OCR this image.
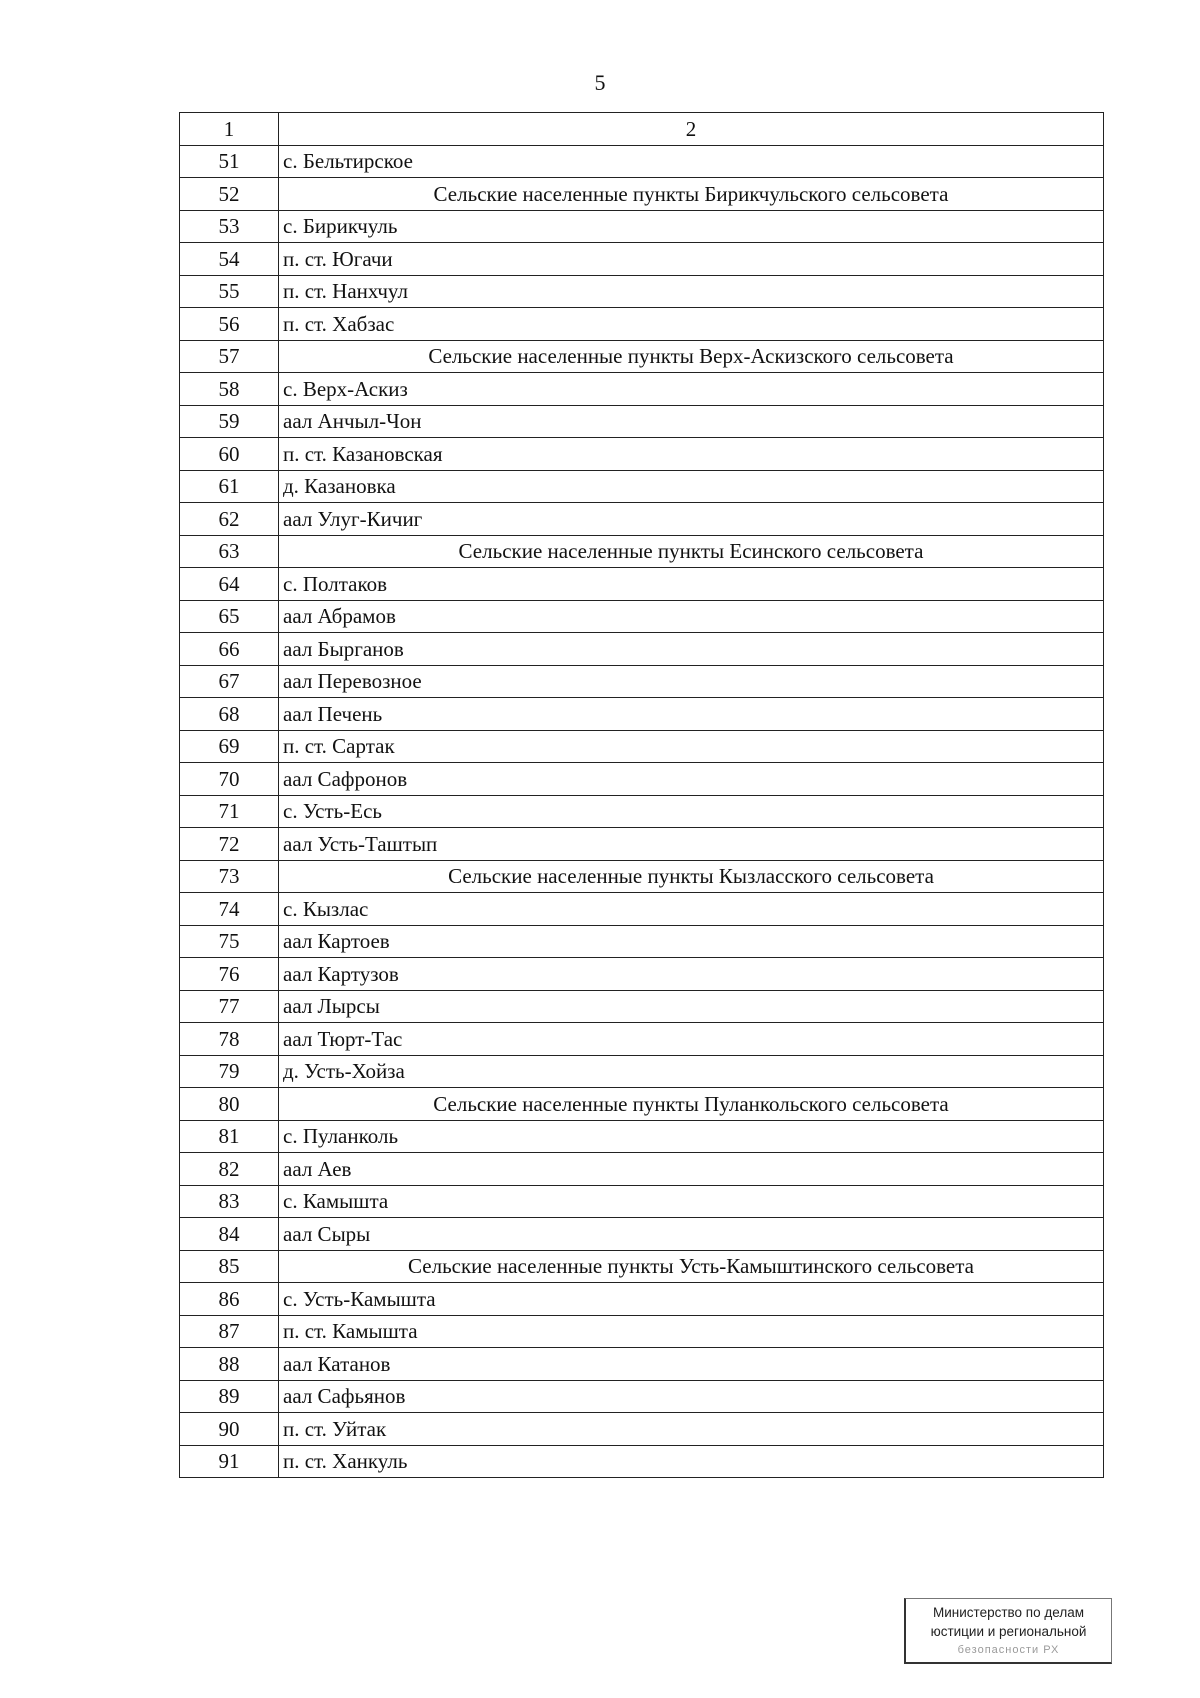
5
1	2
51	с. Бельтирское
52	Сельские населенные пункты Бирикчульского сельсовета
53	с. Бирикчуль
54	п. ст. Югачи
55	п. ст. Нанхчул
56	п. ст. Хабзас
57	Сельские населенные пункты Верх-Аскизского сельсовета
58	с. Верх-Аскиз
59	аал Анчыл-Чон
60	п. ст. Казановская
61	д. Казановка
62	аал Улуг-Кичиг
63	Сельские населенные пункты Есинского сельсовета
64	с. Полтаков
65	аал Абрамов
66	аал Бырганов
67	аал Перевозное
68	аал Печень
69	п. ст. Сартак
70	аал Сафронов
71	с. Усть-Есь
72	аал Усть-Таштып
73	Сельские населенные пункты Кызласского сельсовета
74	с. Кызлас
75	аал Картоев
76	аал Картузов
77	аал Лырсы
78	аал Тюрт-Тас
79	д. Усть-Хойза
80	Сельские населенные пункты Пуланкольского сельсовета
81	с. Пуланколь
82	аал Аев
83	с. Камышта
84	аал Сыры
85	Сельские населенные пункты Усть-Камыштинского сельсовета
86	с. Усть-Камышта
87	п. ст. Камышта
88	аал Катанов
89	аал Сафьянов
90	п. ст. Уйтак
91	п. ст. Ханкуль
Министерство по делам
юстиции и региональной
безопасности РХ
